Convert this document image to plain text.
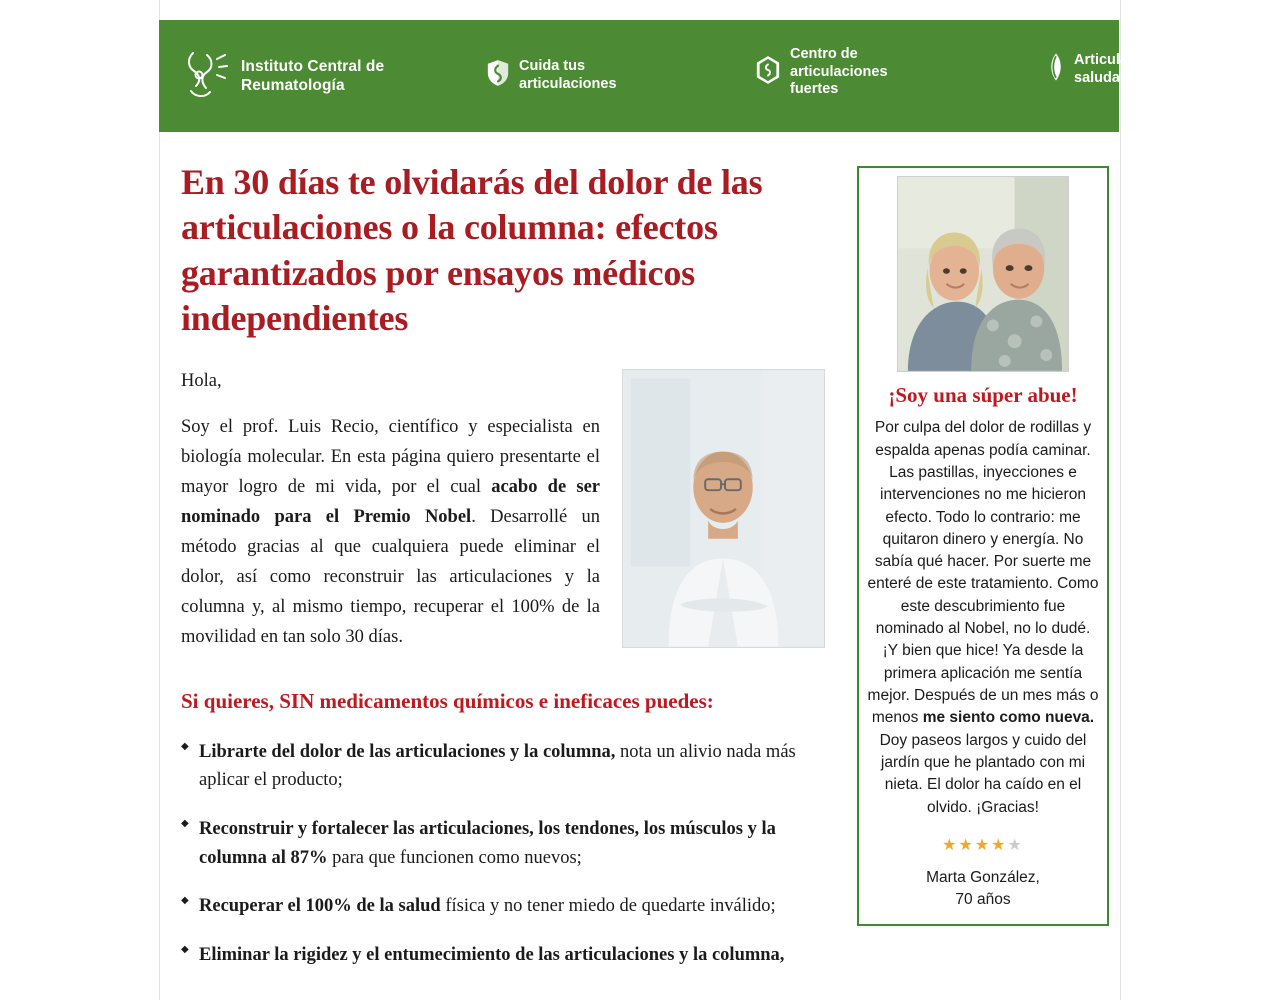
Instituto Central de
Reumatología
Cuida tus
articulaciones
Centro de
articulaciones
fuertes
Articulaciones
saludables
En 30 días te olvidarás del dolor de las articulaciones o la columna: efectos garantizados por ensayos médicos independientes

Hola,

Soy el prof. Luis Recio, científico y especialista en biología molecular. En esta página quiero presentarte el mayor logro de mi vida, por el cual acabo de ser nominado para el Premio Nobel. Desarrollé un método gracias al que cualquiera puede eliminar el dolor, así como reconstruir las articulaciones y la columna y, al mismo tiempo, recuperar el 100% de la movilidad en tan solo 30 días.

Si quieres, SIN medicamentos químicos e ineficaces puedes:
◆ Librarte del dolor de las articulaciones y la columna, nota un alivio nada más aplicar el producto;
◆ Reconstruir y fortalecer las articulaciones, los tendones, los músculos y la columna al 87% para que funcionen como nuevos;
◆ Recuperar el 100% de la salud física y no tener miedo de quedarte inválido;
◆ Eliminar la rigidez y el entumecimiento de las articulaciones y la columna,
¡Soy una súper abue!

Por culpa del dolor de rodillas y espalda apenas podía caminar. Las pastillas, inyecciones e intervenciones no me hicieron efecto. Todo lo contrario: me quitaron dinero y energía. No sabía qué hacer. Por suerte me enteré de este tratamiento. Como este descubrimiento fue nominado al Nobel, no lo dudé. ¡Y bien que hice! Ya desde la primera aplicación me sentía mejor. Después de un mes más o menos me siento como nueva. Doy paseos largos y cuido del jardín que he plantado con mi nieta. El dolor ha caído en el olvido. ¡Gracias!

★★★★★
Marta González,
70 años
